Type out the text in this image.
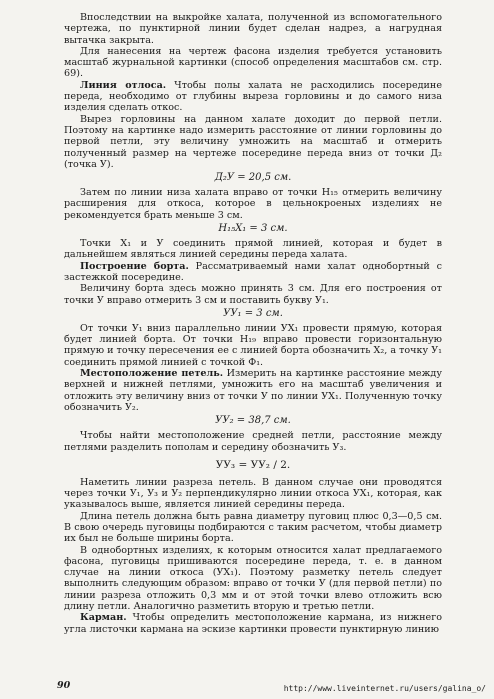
Впоследствии на выкройке халата, полученной из вспомогательного чертежа, по пунктирной линии будет сделан надрез, а нагрудная вытачка закрыта.

Для нанесения на чертеж фасона изделия требуется установить масштаб журнальной картинки (способ определения масштабов см. стр. 69).

Линия отлоса. Чтобы полы халата не расходились посередине переда, необходимо от глубины выреза горловины и до самого низа изделия сделать откос.

Вырез горловины на данном халате доходит до первой петли. Поэтому на картинке надо измерить расстояние от линии горловины до первой петли, эту величину умножить на масштаб и отмерить полученный размер на чертеже посередине переда вниз от точки Д₂ (точка У).

Д₂У = 20,5 см.

Затем по линии низа халата вправо от точки H₁₅ отмерить величину расширения для откоса, которое в цельнокроеных изделиях не рекомендуется брать меньше 3 см.

H₁₅X₁ = 3 см.

Точки X₁ и У соединить прямой линией, которая и будет в дальнейшем являться линией середины переда халата.

Построение борта. Рассматриваемый нами халат однобортный с застежкой посередине.

Величину борта здесь можно принять 3 см. Для его построения от точки У вправо отмерить 3 см и поставить букву У₁.

УУ₁ = 3 см.

От точки У₁ вниз параллельно линии УX₁ провести прямую, которая будет линией борта. От точки H₁₉ вправо провести горизонтальную прямую и точку пересечения ее с линией борта обозначить X₂, а точку У₁ соединить прямой линией с точкой Ф₁.

Местоположение петель. Измерить на картинке расстояние между верхней и нижней петлями, умножить его на масштаб увеличения и отложить эту величину вниз от точки У по линии УX₁. Полученную точку обозначить У₂.

УУ₂ = 38,7 см.

Чтобы найти местоположение средней петли, расстояние между петлями разделить пополам и середину обозначить У₃.

УУ₃ = УУ₂ / 2.

Наметить линии разреза петель. В данном случае они проводятся через точки У₁, У₃ и У₂ перпендикулярно линии откоса УX₁, которая, как указывалось выше, является линией середины переда.

Длина петель должна быть равна диаметру пуговиц плюс 0,3—0,5 см. В свою очередь пуговицы подбираются с таким расчетом, чтобы диаметр их был не больше ширины борта.

В однобортных изделиях, к которым относится халат предлагаемого фасона, пуговицы пришиваются посередине переда, т. е. в данном случае на линии откоса (УX₁). Поэтому разметку петель следует выполнить следующим образом: вправо от точки У (для первой петли) по линии разреза отложить 0,3 мм и от этой точки влево отложить всю длину петли. Аналогично разметить вторую и третью петли.

Карман. Чтобы определить местоположение кармана, из нижнего угла листочки кармана на эскизе картинки провести пунктирную линию

90	http://www.liveinternet.ru/users/galina_o/
